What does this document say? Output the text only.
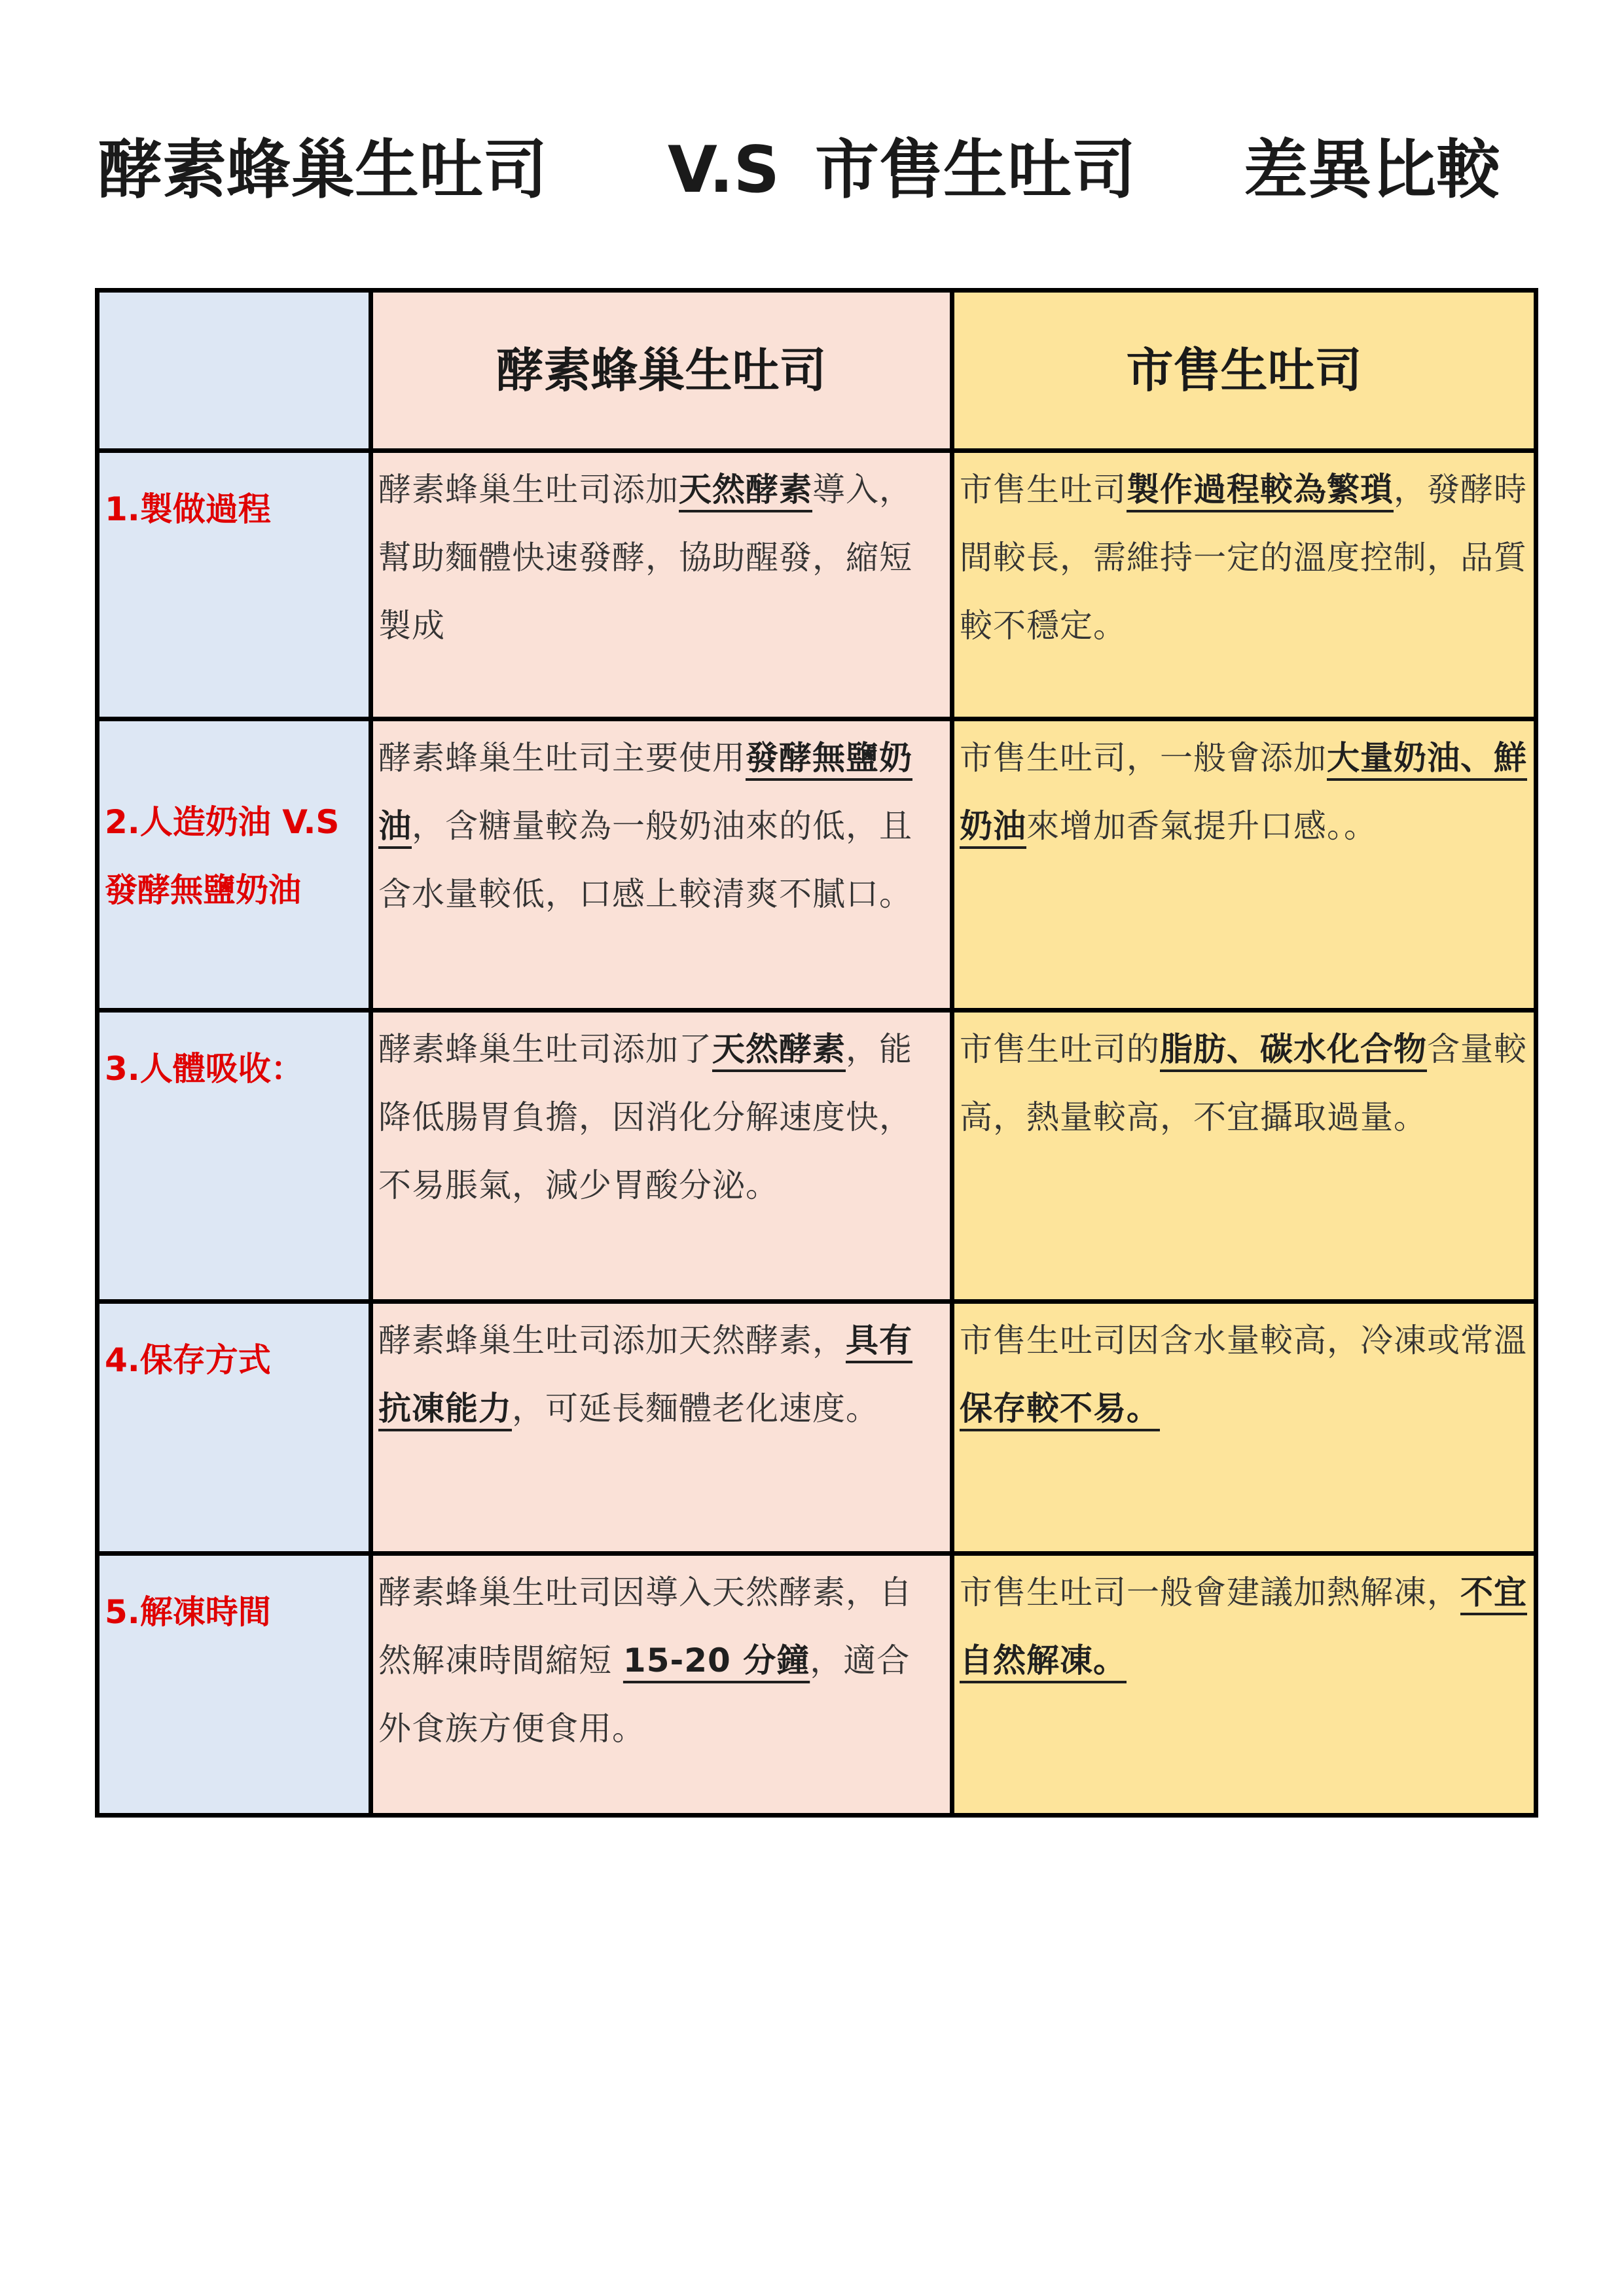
酵素蜂巢生吐司 V.S 市售生吐司 差異比較

	酵素蜂巢生吐司	市售生吐司

1.製做過程	酵素蜂巢生吐司添加天然酵素導入，幫助麵體快速發酵，協助醒發，縮短製成	市售生吐司製作過程較為繁瑣，發酵時間較長，需維持一定的溫度控制，品質較不穩定。

2.人造奶油 V.S 發酵無鹽奶油	酵素蜂巢生吐司主要使用發酵無鹽奶油，含糖量較為一般奶油來的低，且含水量較低，口感上較清爽不膩口。	市售生吐司，一般會添加大量奶油、鮮奶油來增加香氣提升口感。。

3.人體吸收：	酵素蜂巢生吐司添加了天然酵素，能降低腸胃負擔，因消化分解速度快，不易脹氣，減少胃酸分泌。	市售生吐司的脂肪、碳水化合物含量較高，熱量較高，不宜攝取過量。

4.保存方式	酵素蜂巢生吐司添加天然酵素，具有抗凍能力，可延長麵體老化速度。	市售生吐司因含水量較高，冷凍或常溫保存較不易。

5.解凍時間	酵素蜂巢生吐司因導入天然酵素，自然解凍時間縮短 15-20 分鐘，適合外食族方便食用。	市售生吐司一般會建議加熱解凍，不宜自然解凍。
